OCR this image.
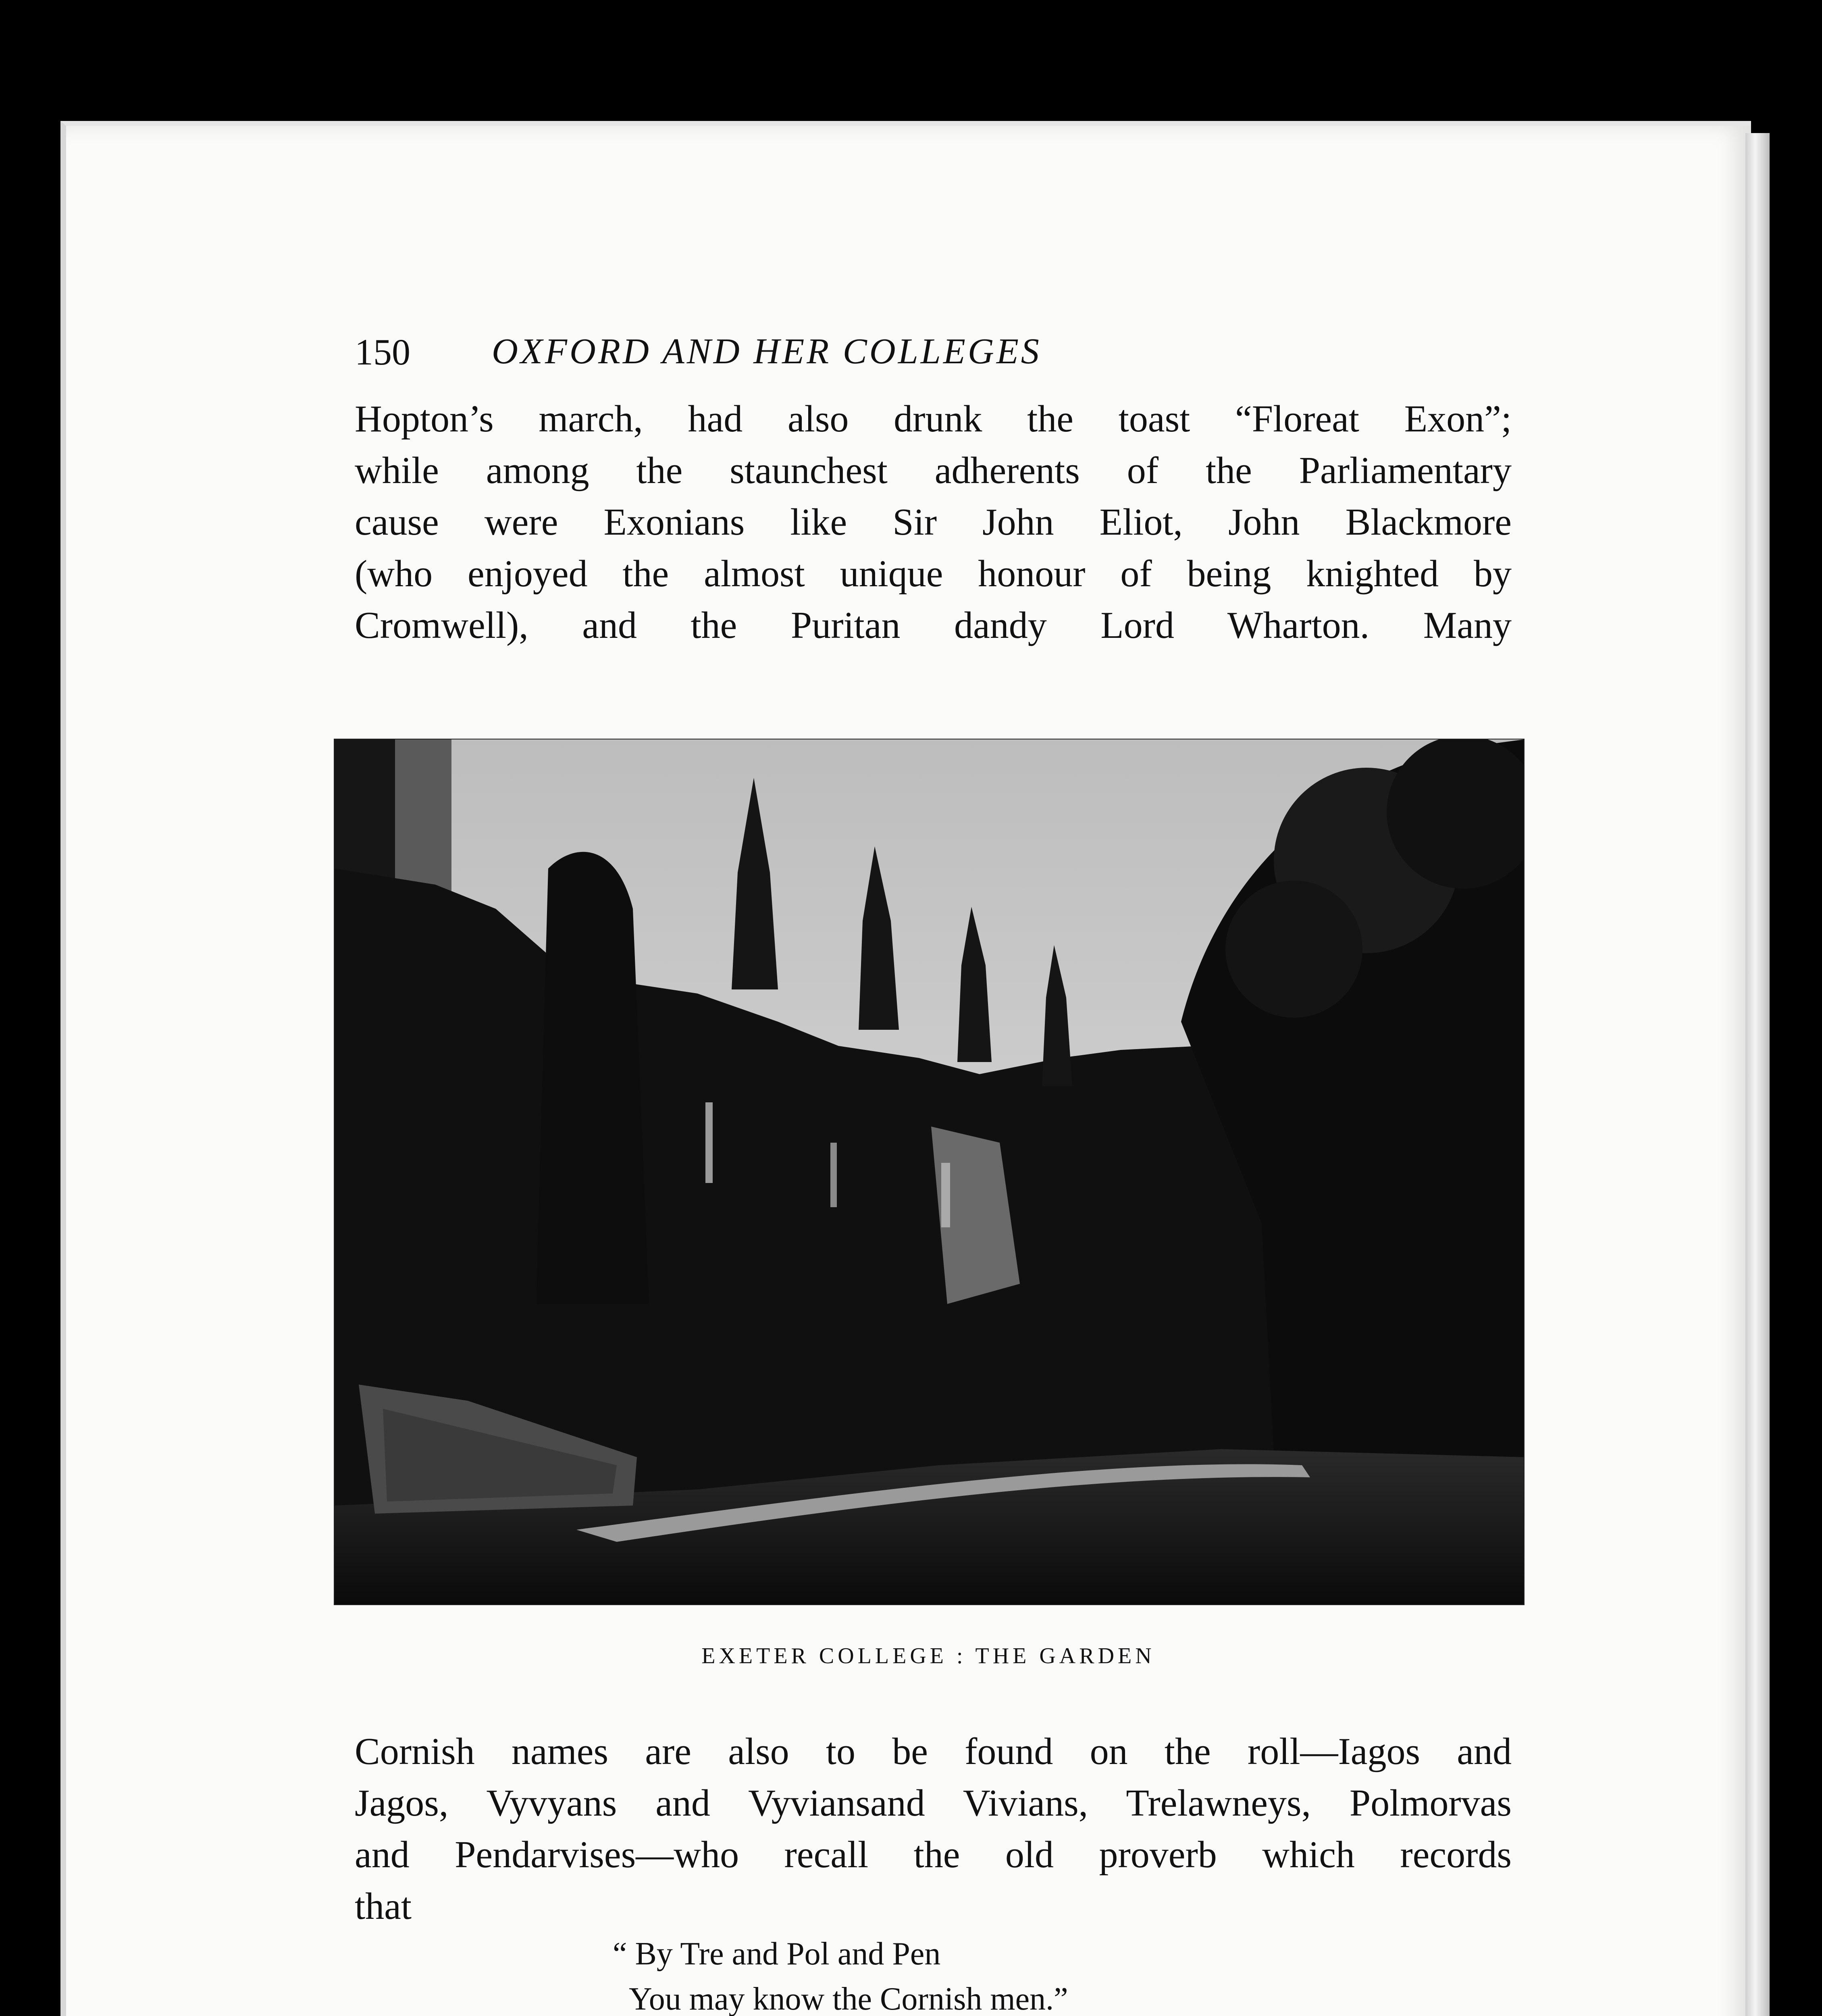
150 OXFORD AND HER COLLEGES
Hopton’s march, had also drunk the toast “Floreat Exon”;
while among the staunchest adherents of the Parliamentary
cause were Exonians like Sir John Eliot, John Blackmore
(who enjoyed the almost unique honour of being knighted by
Cromwell), and the Puritan dandy Lord Wharton. Many
EXETER COLLEGE : THE GARDEN
Cornish names are also to be found on the roll—Iagos and
Jagos, Vyvyans and Vyviansand Vivians, Trelawneys, Polmorvas
and Pendarvises—who recall the old proverb which records
that
“ By Tre and Pol and Pen
You may know the Cornish men.”
